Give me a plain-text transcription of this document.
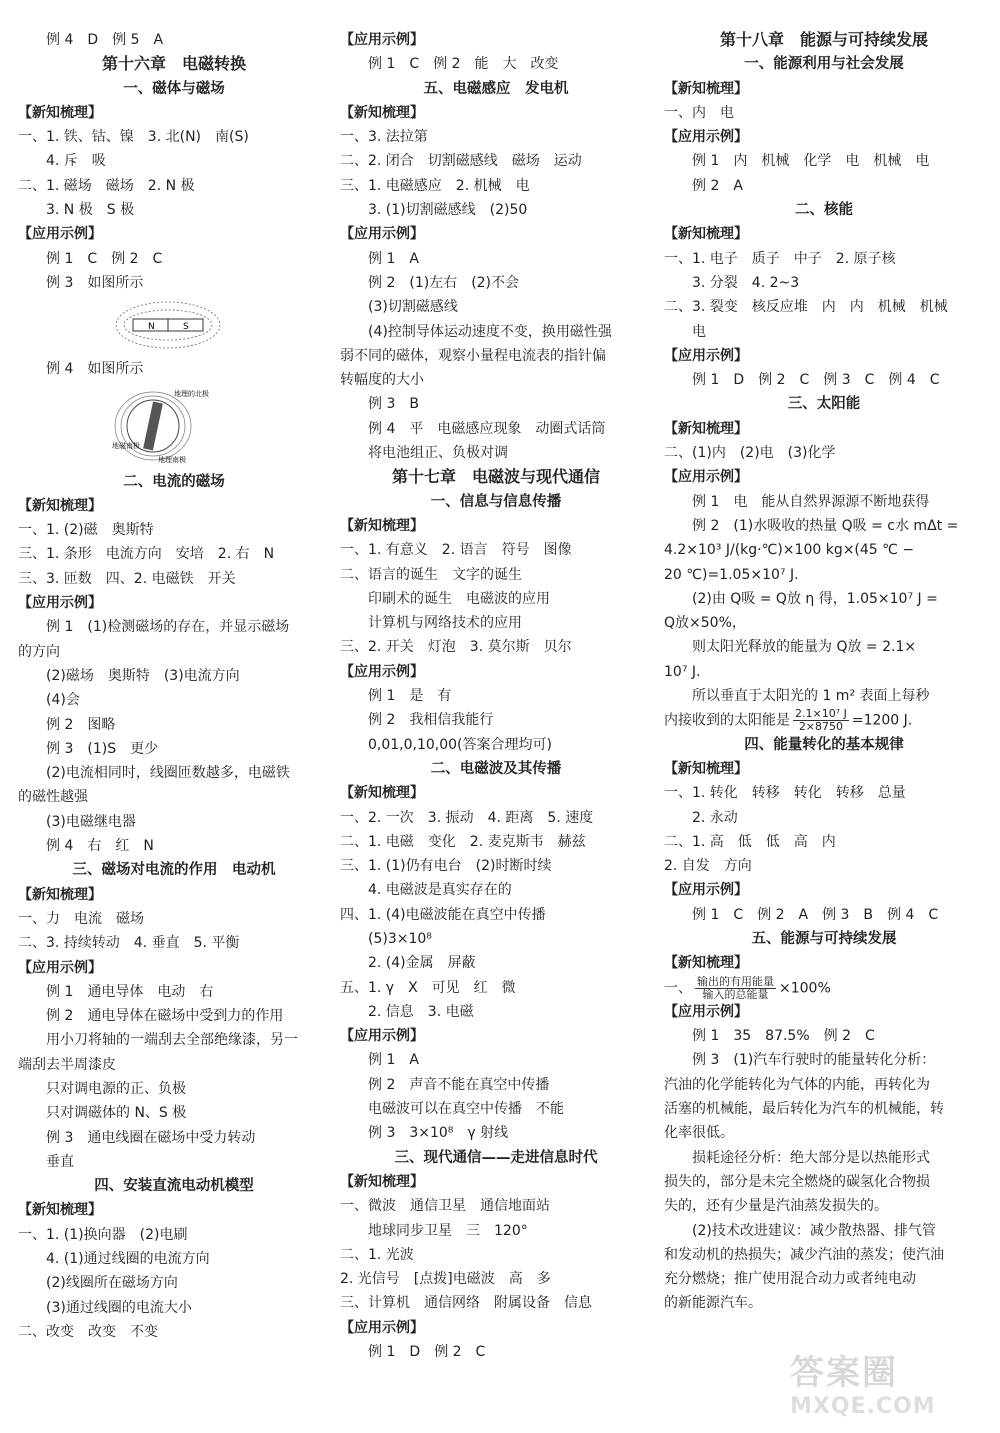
例 4　D　例 5　A
第十六章　电磁转换
一、磁体与磁场
【新知梳理】
一、1. 铁、钴、镍　3. 北(N)　南(S)
4. 斥　吸
二、1. 磁场　磁场　2. N 极
3. N 极　S 极
【应用示例】
例 1　C　例 2　C
例 3　如图所示
N	S
例 4　如图所示
地理的北极
地磁南极
地理南极
二、电流的磁场
【新知梳理】
一、1. (2)磁　奥斯特
三、1. 条形　电流方向　安培　2. 右　N
三、3. 匝数　四、2. 电磁铁　开关
【应用示例】
例 1　(1)检测磁场的存在，并显示磁场
的方向
(2)磁场　奥斯特　(3)电流方向
(4)会
例 2　图略
例 3　(1)S　更少
(2)电流相同时，线圈匝数越多，电磁铁
的磁性越强
(3)电磁继电器
例 4　右　红　N
三、磁场对电流的作用　电动机
【新知梳理】
一、力　电流　磁场
二、3. 持续转动　4. 垂直　5. 平衡
【应用示例】
例 1　通电导体　电动　右
例 2　通电导体在磁场中受到力的作用
用小刀将轴的一端刮去全部绝缘漆，另一
端刮去半周漆皮
只对调电源的正、负极
只对调磁体的 N、S 极
例 3　通电线圈在磁场中受力转动
垂直
四、安装直流电动机模型
【新知梳理】
一、1. (1)换向器　(2)电刷
4. (1)通过线圈的电流方向
(2)线圈所在磁场方向
(3)通过线圈的电流大小
二、改变　改变　不变
【应用示例】
例 1　C　例 2　能　大　改变
五、电磁感应　发电机
【新知梳理】
一、3. 法拉第
二、2. 闭合　切割磁感线　磁场　运动
三、1. 电磁感应　2. 机械　电
3. (1)切割磁感线　(2)50
【应用示例】
例 1　A
例 2　(1)左右　(2)不会
(3)切割磁感线
(4)控制导体运动速度不变，换用磁性强
弱不同的磁体，观察小量程电流表的指针偏
转幅度的大小
例 3　B
例 4　平　电磁感应现象　动圈式话筒
将电池组正、负极对调
第十七章　电磁波与现代通信
一、信息与信息传播
【新知梳理】
一、1. 有意义　2. 语言　符号　图像
二、语言的诞生　文字的诞生
印刷术的诞生　电磁波的应用
计算机与网络技术的应用
三、2. 开关　灯泡　3. 莫尔斯　贝尔
【应用示例】
例 1　是　有
例 2　我相信我能行
0,01,0,10,00(答案合理均可)
二、电磁波及其传播
【新知梳理】
一、2. 一次　3. 振动　4. 距离　5. 速度
二、1. 电磁　变化　2. 麦克斯韦　赫兹
三、1. (1)仍有电台　(2)时断时续
4. 电磁波是真实存在的
四、1. (4)电磁波能在真空中传播
(5)3×10⁸
2. (4)金属　屏蔽
五、1. γ　X　可见　红　微
2. 信息　3. 电磁
【应用示例】
例 1　A
例 2　声音不能在真空中传播
电磁波可以在真空中传播　不能
例 3　3×10⁸　γ 射线
三、现代通信——走进信息时代
【新知梳理】
一、微波　通信卫星　通信地面站
地球同步卫星　三　120°
二、1. 光波
2. 光信号　[点拨]电磁波　高　多
三、计算机　通信网络　附属设备　信息
【应用示例】
例 1　D　例 2　C
第十八章　能源与可持续发展
一、能源利用与社会发展
【新知梳理】
一、内　电
【应用示例】
例 1　内　机械　化学　电　机械　电
例 2　A
二、核能
【新知梳理】
一、1. 电子　质子　中子　2. 原子核
3. 分裂　4. 2~3
二、3. 裂变　核反应堆　内　内　机械　机械
电
【应用示例】
例 1　D　例 2　C　例 3　C　例 4　C
三、太阳能
【新知梳理】
二、(1)内　(2)电　(3)化学
【应用示例】
例 1　电　能从自然界源源不断地获得
例 2　(1)水吸收的热量 Q吸 = c水 mΔt =
4.2×10³ J/(kg·℃)×100 kg×(45 ℃ −
20 ℃)=1.05×10⁷ J.
(2)由 Q吸 = Q放 η 得，1.05×10⁷ J =
Q放×50%，
则太阳光释放的能量为 Q放 = 2.1×
10⁷ J.
所以垂直于太阳光的 1 m² 表面上每秒
内接收到的太阳能是 $\frac{\text{2.1×10⁷ J}}{2\times 8750} =1200$ J.
四、能量转化的基本规律
【新知梳理】
一、1. 转化　转移　转化　转移　总量
2. 永动
二、1. 高　低　低　高　内
2. 自发　方向
【应用示例】
例 1　C　例 2　A　例 3　B　例 4　C
五、能源与可持续发展
【新知梳理】
一、 $\frac{\text{输出的有用能量}}{\text{输入的总能量}} \times 100\%$
【应用示例】
例 1　35　87.5%　例 2　C
例 3　(1)汽车行驶时的能量转化分析：
汽油的化学能转化为气体的内能，再转化为
活塞的机械能，最后转化为汽车的机械能，转
化率很低。
损耗途径分析：绝大部分是以热能形式
损失的，部分是未完全燃烧的碳氢化合物损
失的，还有少量是汽油蒸发损失的。
(2)技术改进建议：减少散热器、排气管
和发动机的热损失；减少汽油的蒸发；使汽油
充分燃烧；推广使用混合动力或者纯电动
的新能源汽车。
答案圈
MXQE.COM
